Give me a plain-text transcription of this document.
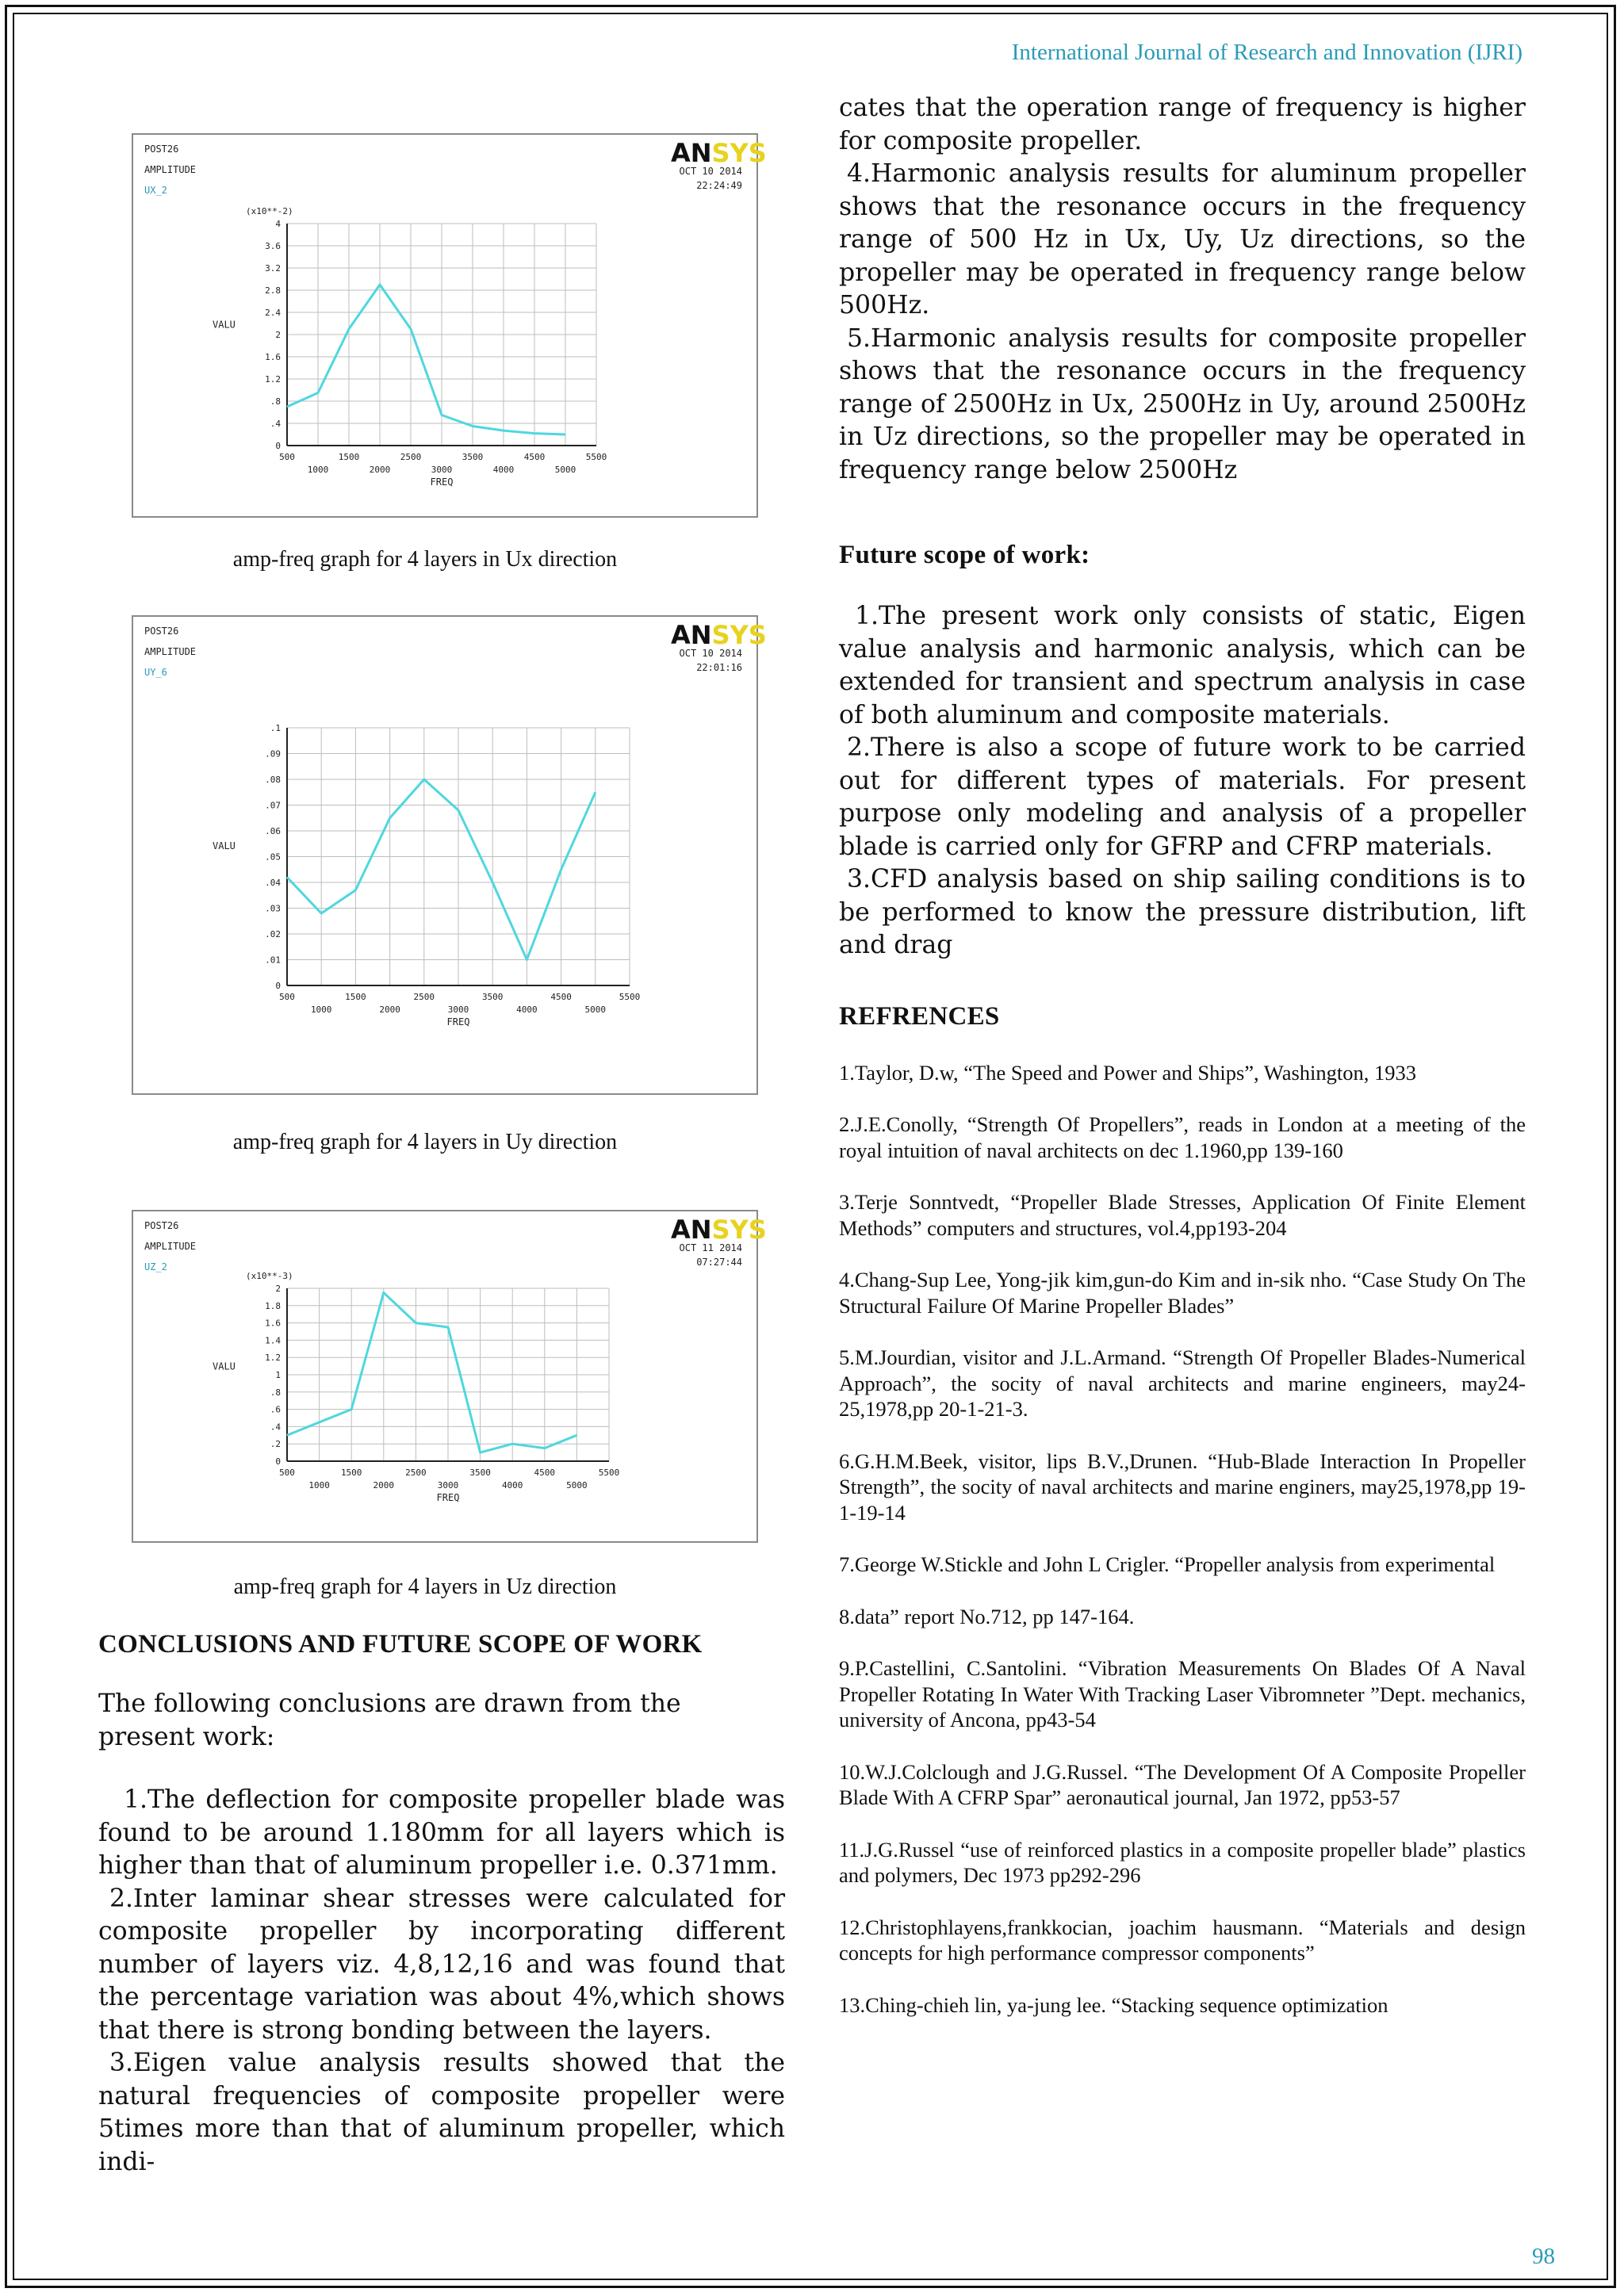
International Journal of Research and Innovation (IJRI)
POST26
AMPLITUDE
UX_2
ANSYS
OCT 10 2014
22:24:49
(x10**-2)
0
.4
.8
1.2
1.6
2
2.4
2.8
3.2
3.6
4
500	1500	2500	3500	4500	5500
1000	2000	3000	4000	5000
FREQ
VALU
amp-freq graph for 4 layers in Ux direction
POST26
AMPLITUDE
UY_6
ANSYS
OCT 10 2014
22:01:16
0
.01
.02
.03
.04
.05
.06
.07
.08
.09
.1
500	1500	2500	3500	4500	5500
1000	2000	3000	4000	5000
FREQ
VALU
amp-freq graph for 4 layers in Uy direction
POST26
AMPLITUDE
UZ_2
ANSYS
OCT 11 2014
07:27:44
(x10**-3)
0
.2
.4
.6
.8
1
1.2
1.4
1.6
1.8
2
500	1500	2500	3500	4500	5500
1000	2000	3000	4000	5000
FREQ
VALU
amp-freq graph for 4 layers in Uz direction
CONCLUSIONS AND FUTURE SCOPE OF WORK

The following conclusions are drawn from the present work:

1.The deflection for composite propeller blade was found to be around 1.180mm for all layers which is higher than that of aluminum propeller i.e. 0.371mm.

2.Inter laminar shear stresses were calculated for composite propeller by incorporating different number of layers viz. 4,8,12,16 and was found that the percentage variation was about 4%,which shows that there is strong bonding between the layers.

3.Eigen value analysis results showed that the natural frequencies of composite propeller were 5times more than that of aluminum propeller, which indi-

cates that the operation range of frequency is higher for composite propeller.

4.Harmonic analysis results for aluminum propeller shows that the resonance occurs in the frequency range of 500 Hz in Ux, Uy, Uz directions, so the propeller may be operated in frequency range below 500Hz.

5.Harmonic analysis results for composite propeller shows that the resonance occurs in the frequency range of 2500Hz in Ux, 2500Hz in Uy, around 2500Hz in Uz directions, so the propeller may be operated in frequency range below 2500Hz

Future scope of work:

1.The present work only consists of static, Eigen value analysis and harmonic analysis, which can be extended for transient and spectrum analysis in case of both aluminum and composite materials.

2.There is also a scope of future work to be carried out for different types of materials. For present purpose only modeling and analysis of a propeller blade is carried only for GFRP and CFRP materials.

3.CFD analysis based on ship sailing conditions is to be performed to know the pressure distribution, lift and drag

REFRENCES

1.Taylor, D.w, “The Speed and Power and Ships”, Washington, 1933

2.J.E.Conolly, “Strength Of Propellers”, reads in London at a meeting of the royal intuition of naval architects on dec 1.1960,pp 139-160

3.Terje Sonntvedt, “Propeller Blade Stresses, Application Of Finite Element Methods” computers and structures, vol.4,pp193-204

4.Chang-Sup Lee, Yong-jik kim,gun-do Kim and in-sik nho. “Case Study On The Structural Failure Of Marine Propeller Blades”

5.M.Jourdian, visitor and J.L.Armand. “Strength Of Propeller Blades-Numerical Approach”, the socity of naval architects and marine engineers, may24- 25,1978,pp 20-1-21-3.

6.G.H.M.Beek, visitor, lips B.V.,Drunen. “Hub-Blade Interaction In Propeller Strength”, the socity of naval architects and marine enginers, may25,1978,pp 19-1-19-14

7.George W.Stickle and John L Crigler. “Propeller analysis from experimental

8.data” report No.712, pp 147-164.

9.P.Castellini, C.Santolini. “Vibration Measurements On Blades Of A Naval Propeller Rotating In Water With Tracking Laser Vibromneter ”Dept. mechanics, university of Ancona, pp43-54

10.W.J.Colclough and J.G.Russel. “The Development Of A Composite Propeller Blade With A CFRP Spar” aeronautical journal, Jan 1972, pp53-57

11.J.G.Russel “use of reinforced plastics in a composite propeller blade” plastics and polymers, Dec 1973 pp292-296

12.Christophlayens,frankkocian, joachim hausmann. “Materials and design concepts for high performance compressor components”

13.Ching-chieh lin, ya-jung lee. “Stacking sequence optimization

98
